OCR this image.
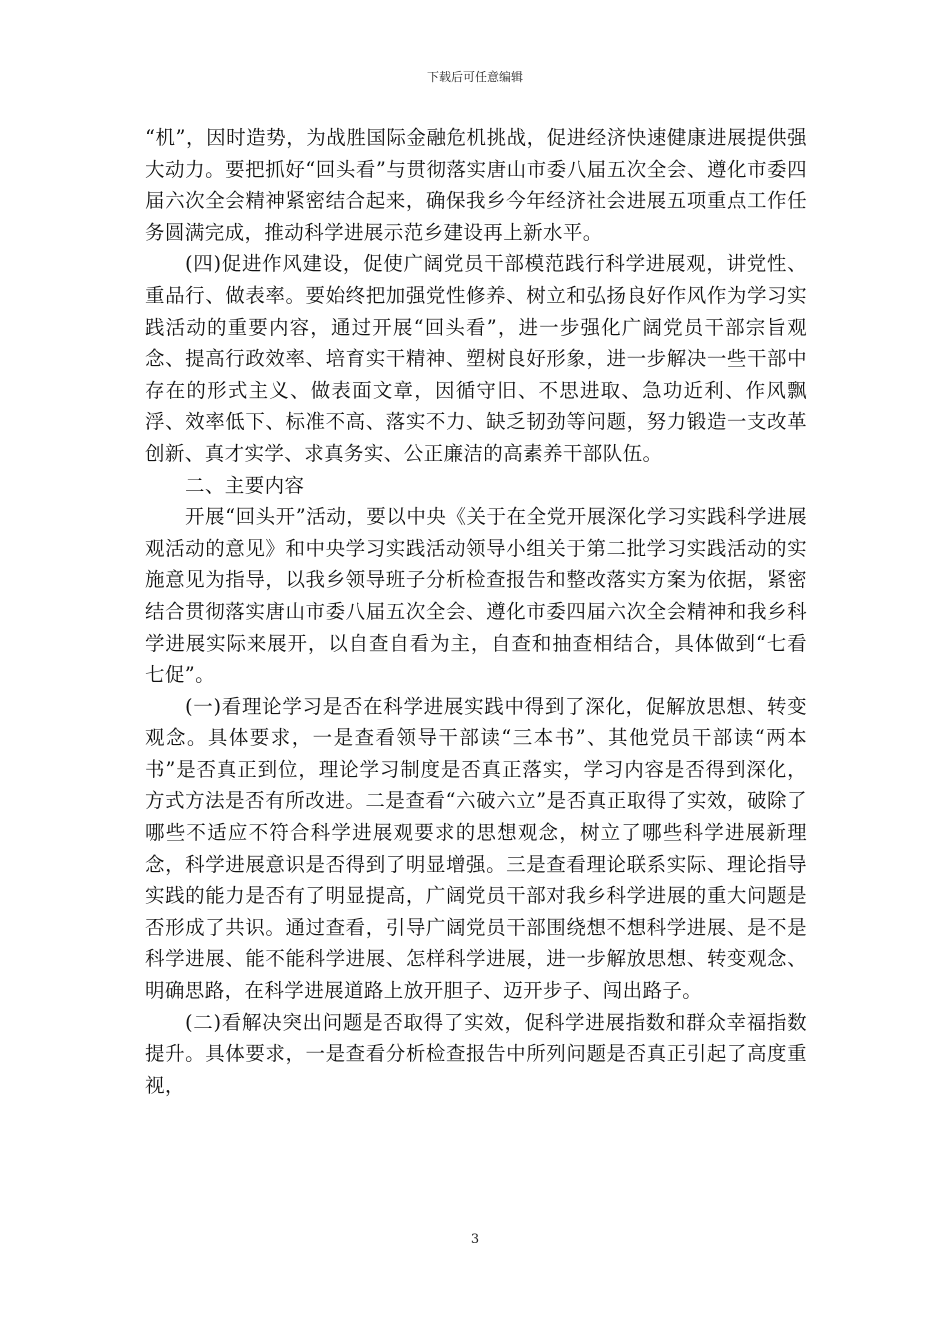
下载后可任意编辑

“机”，因时造势，为战胜国际金融危机挑战，促进经济快速健康进展提供强大动力。要把抓好“回头看”与贯彻落实唐山市委八届五次全会、遵化市委四届六次全会精神紧密结合起来，确保我乡今年经济社会进展五项重点工作任务圆满完成，推动科学进展示范乡建设再上新水平。

(四)促进作风建设，促使广阔党员干部模范践行科学进展观，讲党性、重品行、做表率。要始终把加强党性修养、树立和弘扬良好作风作为学习实践活动的重要内容，通过开展“回头看”，进一步强化广阔党员干部宗旨观念、提高行政效率、培育实干精神、塑树良好形象，进一步解决一些干部中存在的形式主义、做表面文章，因循守旧、不思进取、急功近利、作风飘浮、效率低下、标准不高、落实不力、缺乏韧劲等问题，努力锻造一支改革创新、真才实学、求真务实、公正廉洁的高素养干部队伍。

二、主要内容

开展“回头开”活动，要以中央《关于在全党开展深化学习实践科学进展观活动的意见》和中央学习实践活动领导小组关于第二批学习实践活动的实施意见为指导，以我乡领导班子分析检查报告和整改落实方案为依据，紧密结合贯彻落实唐山市委八届五次全会、遵化市委四届六次全会精神和我乡科学进展实际来展开，以自查自看为主，自查和抽查相结合，具体做到“七看七促”。

(一)看理论学习是否在科学进展实践中得到了深化，促解放思想、转变观念。具体要求，一是查看领导干部读“三本书”、其他党员干部读“两本书”是否真正到位，理论学习制度是否真正落实，学习内容是否得到深化，方式方法是否有所改进。二是查看“六破六立”是否真正取得了实效，破除了哪些不适应不符合科学进展观要求的思想观念，树立了哪些科学进展新理念，科学进展意识是否得到了明显增强。三是查看理论联系实际、理论指导实践的能力是否有了明显提高，广阔党员干部对我乡科学进展的重大问题是否形成了共识。通过查看，引导广阔党员干部围绕想不想科学进展、是不是科学进展、能不能科学进展、怎样科学进展，进一步解放思想、转变观念、明确思路，在科学进展道路上放开胆子、迈开步子、闯出路子。

(二)看解决突出问题是否取得了实效，促科学进展指数和群众幸福指数提升。具体要求，一是查看分析检查报告中所列问题是否真正引起了高度重视，

3
